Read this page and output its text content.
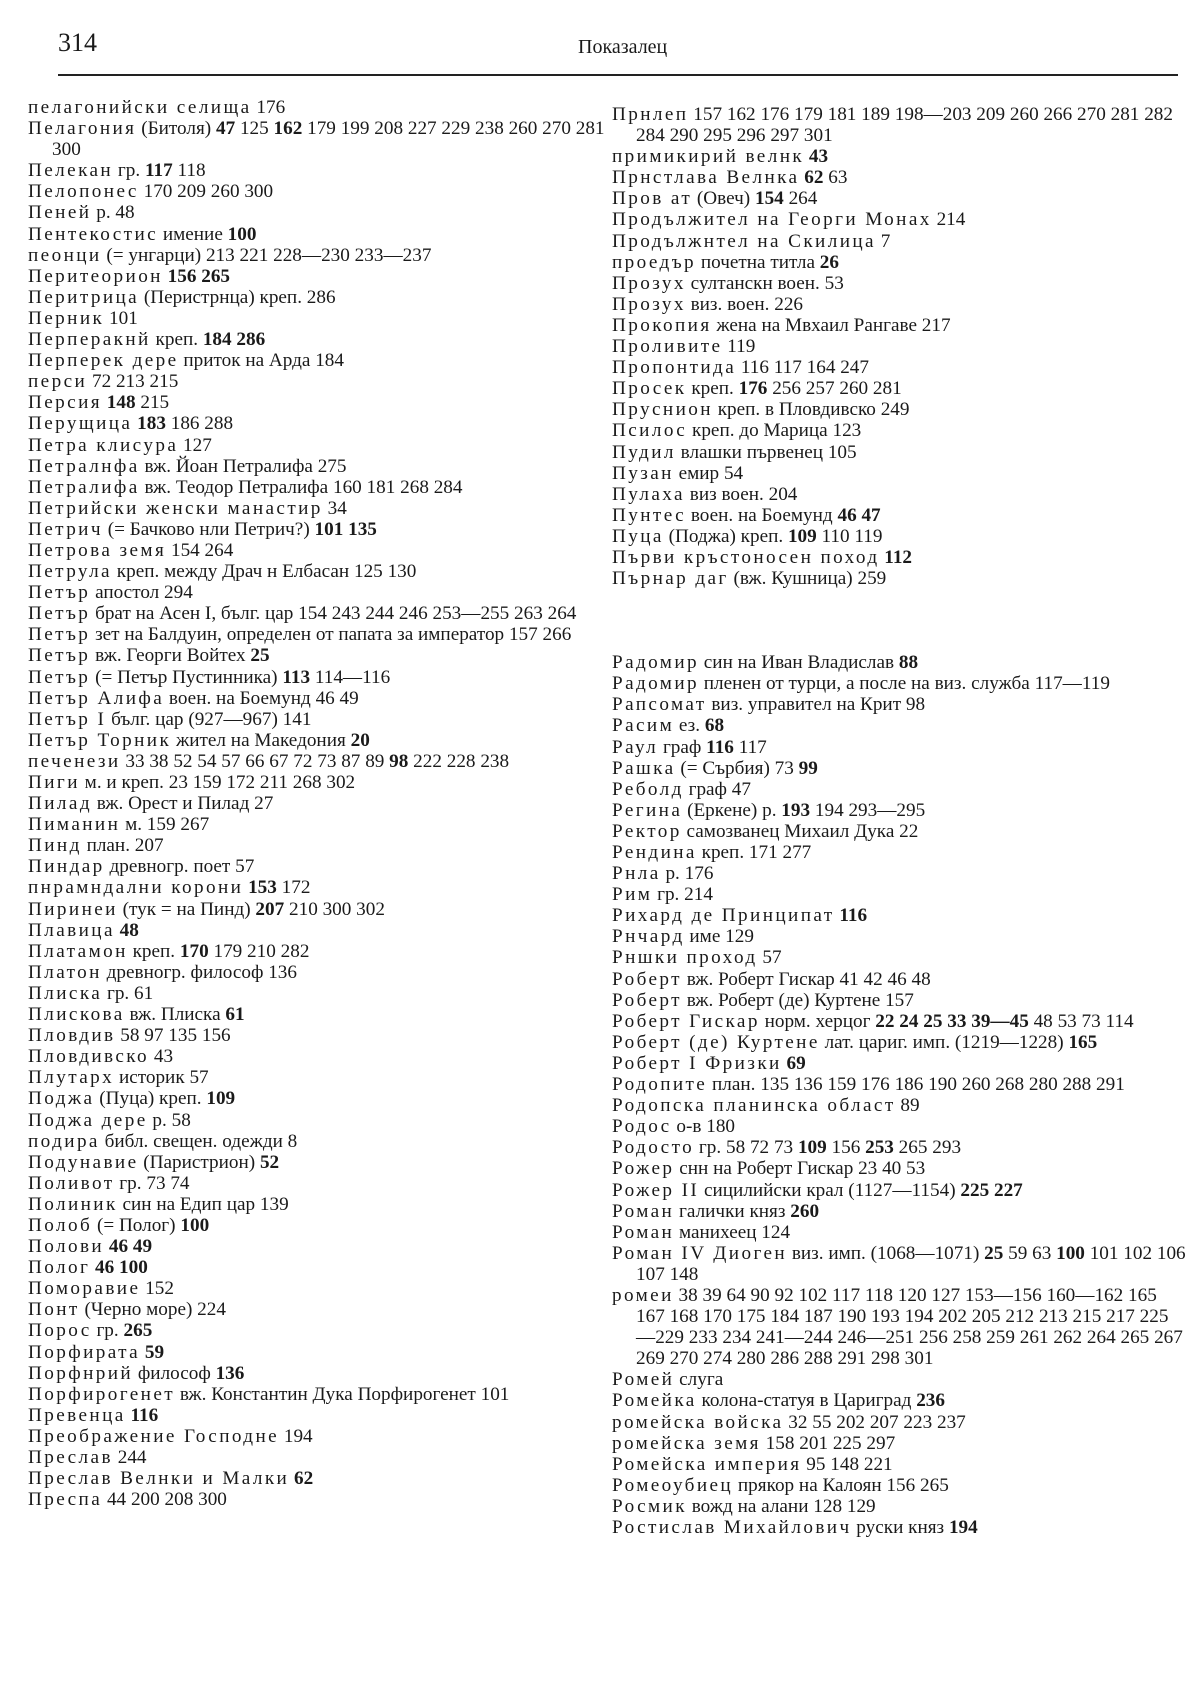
314	Показалец
пелагонийски селища 176
Пелагония (Битоля) 47 125 162 179 199 208 227 229 238 260 270 281 300
Пелекан гр. 117 118
Пелопонес 170 209 260 300
Пеней р. 48
Пентекостис имение 100
пеонци (= унгарци) 213 221 228—230 233—237
Перитеорион 156 265
Перитрица (Перистрнца) креп. 286
Перник 101
Перперакнй креп. 184 286
Перперек дере приток на Арда 184
перси 72 213 215
Персия 148 215
Перущица 183 186 288
Петра клисура 127
Петралнфа вж. Йоан Петралифа 275
Петралифа вж. Теодор Петралифа 160 181 268 284
Петрийски женски манастир 34
Петрич (= Бачково нли Петрич?) 101 135
Петрова земя 154 264
Петрула креп. между Драч н Елбасан 125 130
Петър апостол 294
Петър брат на Асен I, бълг. цар 154 243 244 246 253—255 263 264
Петър зет на Балдуин, определен от папата за император 157 266
Петър вж. Георги Войтех 25
Петър (= Петър Пустинника) 113 114—116
Петър Алифа воен. на Боемунд 46 49
Петър I бълг. цар (927—967) 141
Петър Торник жител на Македония 20
печенези 33 38 52 54 57 66 67 72 73 87 89 98 222 228 238
Пиги м. и креп. 23 159 172 211 268 302
Пилад вж. Орест и Пилад 27
Пиманин м. 159 267
Пинд план. 207
Пиндар древногр. поет 57
пнрамндални корони 153 172
Пиринеи (тук = на Пинд) 207 210 300 302
Плавица 48
Платамон креп. 170 179 210 282
Платон древногр. философ 136
Плиска гр. 61
Плискова вж. Плиска 61
Пловдив 58 97 135 156
Пловдивско 43
Плутарх историк 57
Поджа (Пуца) креп. 109
Поджа дере р. 58
подира библ. свещен. одежди 8
Подунавие (Паристрион) 52
Поливот гр. 73 74
Полиник син на Едип цар 139
Полоб (= Полог) 100
Полови 46 49
Полог 46 100
Поморавие 152
Понт (Черно море) 224
Порос гр. 265
Порфирата 59
Порфнрий философ 136
Порфирогенет вж. Константин Дука Порфирогенет 101
Превенца 116
Преображение Господне 194
Преслав 244
Преслав Велнки и Малки 62
Преспа 44 200 208 300
Прнлеп 157 162 176 179 181 189 198—203 209 260 266 270 281 282 284 290 295 296 297 301
примикирий велнк 43
Прнстлава Велнка 62 63
Пров ат (Овеч) 154 264
Продължител на Георги Монах 214
Продължнтел на Скилица 7
проедър почетна титла 26
Прозух султанскн воен. 53
Прозух виз. воен. 226
Прокопия жена на Мвхаил Рангаве 217
Проливите 119
Пропонтида 116 117 164 247
Просек креп. 176 256 257 260 281
Пруснион креп. в Пловдивско 249
Псилос креп. до Марица 123
Пудил влашки първенец 105
Пузан емир 54
Пулаха виз воен. 204
Пунтес воен. на Боемунд 46 47
Пуца (Поджа) креп. 109 110 119
Първи кръстоносен поход 112
Пърнар даг (вж. Кушница) 259
Радомир син на Иван Владислав 88
Радомир пленен от турци, а после на виз. служба 117—119
Рапсомат виз. управител на Крит 98
Расим ез. 68
Раул граф 116 117
Рашка (= Сърбия) 73 99
Реболд граф 47
Регина (Еркене) р. 193 194 293—295
Ректор самозванец Михаил Дука 22
Рендина креп. 171 277
Рнла р. 176
Рим гр. 214
Рихард де Принципат 116
Рнчард име 129
Рншки проход 57
Роберт вж. Роберт Гискар 41 42 46 48
Роберт вж. Роберт (де) Куртене 157
Роберт Гискар норм. херцог 22 24 25 33 39—45 48 53 73 114
Роберт (де) Куртене лат. цариг. имп. (1219—1228) 165
Роберт I Фризки 69
Родопите план. 135 136 159 176 186 190 260 268 280 288 291
Родопска планинска област 89
Родос о-в 180
Родосто гр. 58 72 73 109 156 253 265 293
Рожер снн на Роберт Гискар 23 40 53
Рожер II сицилийски крал (1127—1154) 225 227
Роман галички княз 260
Роман манихеец 124
Роман IV Диоген виз. имп. (1068—1071) 25 59 63 100 101 102 106 107 148
ромеи 38 39 64 90 92 102 117 118 120 127 153—156 160—162 165 167 168 170 175 184 187 190 193 194 202 205 212 213 215 217 225—229 233 234 241—244 246—251 256 258 259 261 262 264 265 267 269 270 274 280 286 288 291 298 301
Ромей слуга
Ромейка колона-статуя в Цариград 236
ромейска войска 32 55 202 207 223 237
ромейска земя 158 201 225 297
Ромейска империя 95 148 221
Ромеоубиец прякор на Калоян 156 265
Росмик вожд на алани 128 129
Ростислав Михайлович руски княз 194
